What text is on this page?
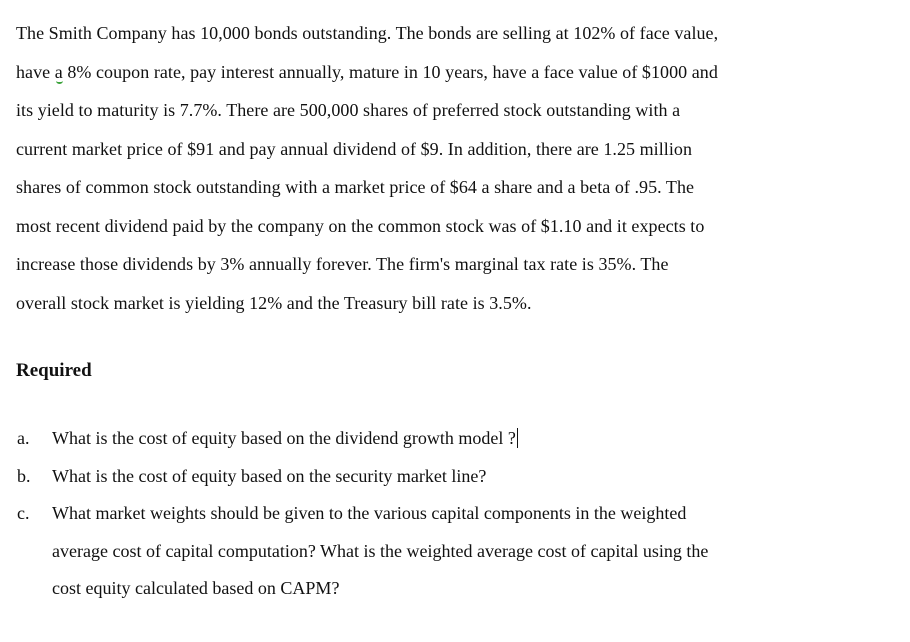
The Smith Company has 10,000 bonds outstanding. The bonds are selling at 102% of face value,
have a 8% coupon rate, pay interest annually, mature in 10 years, have a face value of $1000 and
its yield to maturity is 7.7%. There are 500,000 shares of preferred stock outstanding with a
current market price of $91 and pay annual dividend of $9. In addition, there are 1.25 million
shares of common stock outstanding with a market price of $64 a share and a beta of .95. The
most recent dividend paid by the company on the common stock was of $1.10 and it expects to
increase those dividends by 3% annually forever. The firm's marginal tax rate is 35%. The
overall stock market is yielding 12% and the Treasury bill rate is 3.5%.
Required
a.	What is the cost of equity based on the dividend growth model ?
b.	What is the cost of equity based on the security market line?
c.	What market weights should be given to the various capital components in the weighted
average cost of capital computation? What is the weighted average cost of capital using the
cost equity calculated based on CAPM?
